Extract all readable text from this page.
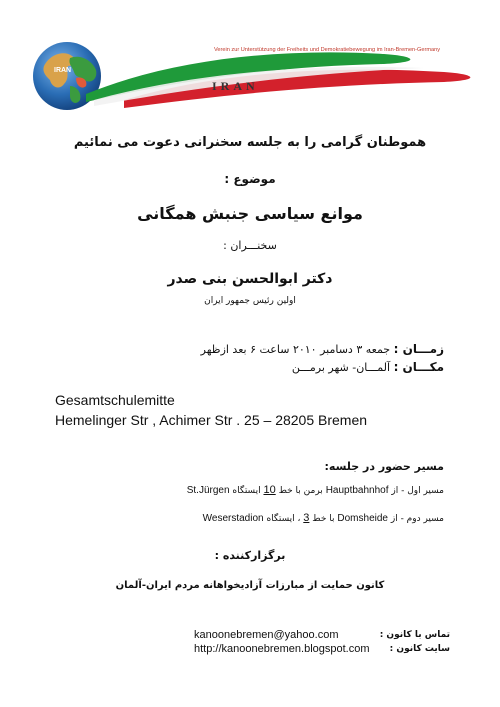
IRAN
Verein zur Unterstützung der Freiheits und Demokratiebewegung im Iran-Bremen-Germany
IRAN
هموطنان گرامی را به جلسه سخنرانی دعوت می نمائیم
موضوع :
موانع سیاسی جنبش همگانی
سخنـــران :
دکتر ابوالحسن بنی صدر
اولین رئیس جمهور ایران
زمـــان : جمعه ۳ دسامبر ۲۰۱۰ ساعت ۶ بعد ازظهر
مکـــان : آلمـــان- شهر برمـــن
Gesamtschulemitte
Hemelinger Str , Achimer Str . 25 – 28205 Bremen
مسیر حضور در جلسه:
مسیر اول - از Hauptbahnhof برمن با خط 10 ایستگاه St.Jürgen
مسیر دوم - از Domsheide با خط 3 ، ایستگاه Weserstadion
برگزارکننده :
کانون حمایت از مبارزات آزادیخواهانه مردم ایران-آلمان
تماس با کانون :
kanoonebremen@yahoo.com
سایت کانون :
http://kanoonebremen.blogspot.com
